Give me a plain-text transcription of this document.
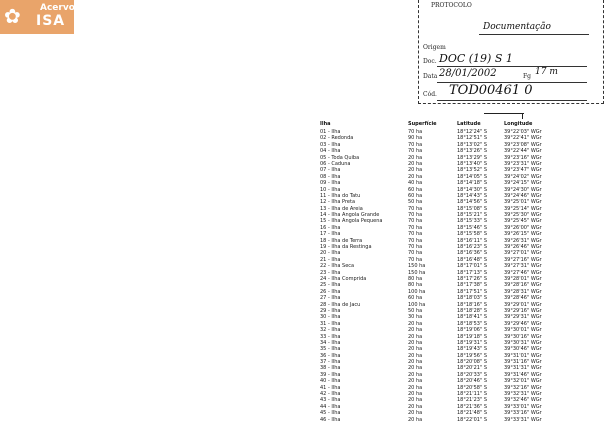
✿ Acervo
ISA
PROTOCOLO
Documentação
Origem
Doc. DOC (19) S 1
Data 28/01/2002	Fg 17 m
Cód. TOD00461 0
Ilha	Superfície	Latitude	Longitude
01 - Ilha	70 ha	18°12'24" S	39°22'03" WGr
02 - Redonda	90 ha	18°12'51" S	39°22'41" WGr
03 - Ilha	70 ha	18°13'02" S	39°23'08" WGr
04 - Ilha	70 ha	18°13'26" S	39°22'44" WGr
05 - Toda Quiba	20 ha	18°13'29" S	39°23'16" WGr
06 - Caduna	20 ha	18°13'40" S	39°23'31" WGr
07 - Ilha	20 ha	18°13'52" S	39°23'47" WGr
08 - Ilha	20 ha	18°14'05" S	39°24'02" WGr
09 - Ilha	40 ha	18°14'18" S	39°24'15" WGr
10 - Ilha	60 ha	18°14'30" S	39°24'30" WGr
11 - Ilha do Tatu	60 ha	18°14'43" S	39°24'46" WGr
12 - Ilha Preta	50 ha	18°14'56" S	39°25'01" WGr
13 - Ilha de Areia	70 ha	18°15'08" S	39°25'14" WGr
14 - Ilha Angola Grande	70 ha	18°15'21" S	39°25'30" WGr
15 - Ilha Angola Pequena	70 ha	18°15'33" S	39°25'45" WGr
16 - Ilha	70 ha	18°15'46" S	39°26'00" WGr
17 - Ilha	70 ha	18°15'58" S	39°26'15" WGr
18 - Ilha de Terra	70 ha	18°16'11" S	39°26'31" WGr
19 - Ilha da Restinga	70 ha	18°16'23" S	39°26'46" WGr
20 - Ilha	70 ha	18°16'36" S	39°27'01" WGr
21 - Ilha	70 ha	18°16'48" S	39°27'16" WGr
22 - Ilha Seca	150 ha	18°17'01" S	39°27'31" WGr
23 - Ilha	150 ha	18°17'13" S	39°27'46" WGr
24 - Ilha Comprida	80 ha	18°17'26" S	39°28'01" WGr
25 - Ilha	80 ha	18°17'38" S	39°28'16" WGr
26 - Ilha	100 ha	18°17'51" S	39°28'31" WGr
27 - Ilha	60 ha	18°18'03" S	39°28'46" WGr
28 - Ilha de Jacu	100 ha	18°18'16" S	39°29'01" WGr
29 - Ilha	50 ha	18°18'28" S	39°29'16" WGr
30 - Ilha	30 ha	18°18'41" S	39°29'31" WGr
31 - Ilha	20 ha	18°18'53" S	39°29'46" WGr
32 - Ilha	20 ha	18°19'06" S	39°30'01" WGr
33 - Ilha	20 ha	18°19'18" S	39°30'16" WGr
34 - Ilha	20 ha	18°19'31" S	39°30'31" WGr
35 - Ilha	20 ha	18°19'43" S	39°30'46" WGr
36 - Ilha	20 ha	18°19'56" S	39°31'01" WGr
37 - Ilha	20 ha	18°20'08" S	39°31'16" WGr
38 - Ilha	20 ha	18°20'21" S	39°31'31" WGr
39 - Ilha	20 ha	18°20'33" S	39°31'46" WGr
40 - Ilha	20 ha	18°20'46" S	39°32'01" WGr
41 - Ilha	20 ha	18°20'58" S	39°32'16" WGr
42 - Ilha	20 ha	18°21'11" S	39°32'31" WGr
43 - Ilha	20 ha	18°21'23" S	39°32'46" WGr
44 - Ilha	20 ha	18°21'36" S	39°33'01" WGr
45 - Ilha	20 ha	18°21'48" S	39°33'16" WGr
46 - Ilha	20 ha	18°22'01" S	39°33'31" WGr
